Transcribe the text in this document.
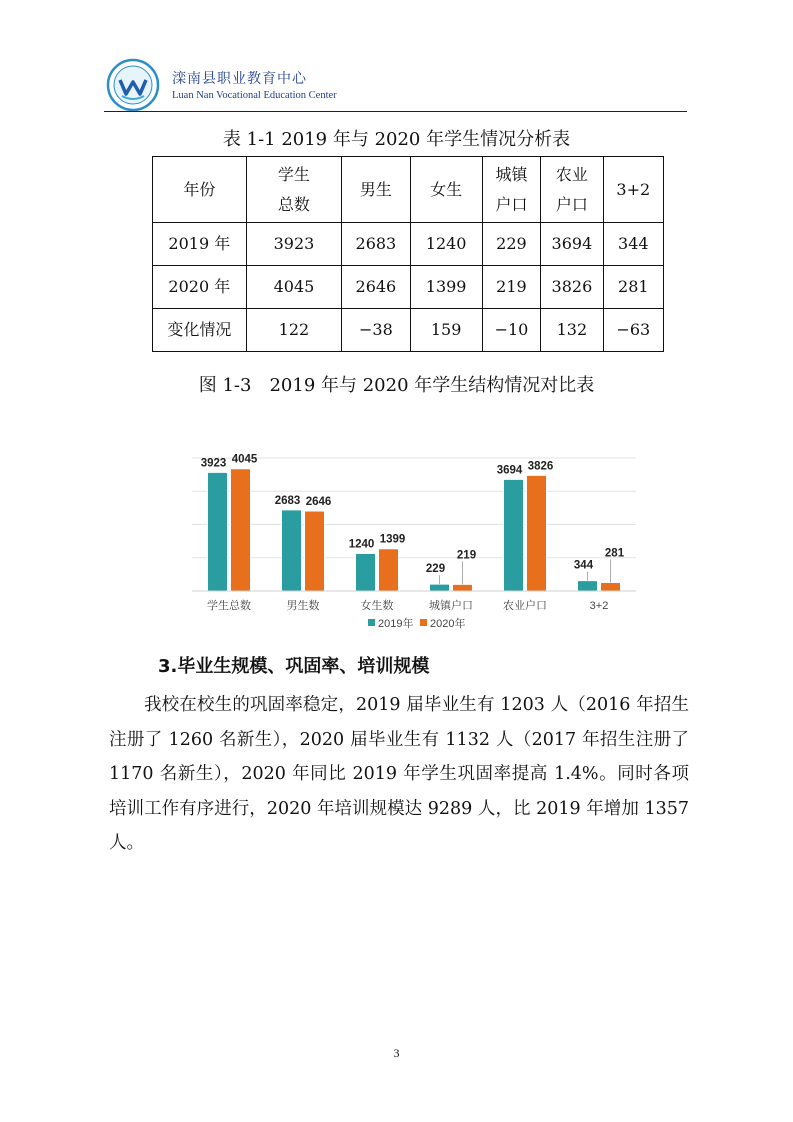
滦南县职业教育中心
Luan Nan Vocational Education Center
表 1-1 2019 年与 2020 年学生情况分析表
年份	学生总数	男生	女生	城镇户口	农业户口	3+2
2019 年	3923	2683	1240	229	3694	344
2020 年	4045	2646	1399	219	3826	281
变化情况	122	−38	159	−10	132	−63
图 1-3　2019 年与 2020 年学生结构情况对比表
3923 4045
学生总数
2683 2646
男生数
1240 1399
女生数
229
219
城镇户口
3694 3826
农业户口
344
281
3+2
2019年 2020年
3.毕业生规模、巩固率、培训规模

我校在校生的巩固率稳定，2019 届毕业生有 1203 人（2016 年招生注册了 1260 名新生），2020 届毕业生有 1132 人（2017 年招生注册了 1170 名新生），2020 年同比 2019 年学生巩固率提高 1.4%。同时各项培训工作有序进行，2020 年培训规模达 9289 人，比 2019 年增加 1357 人。

3
